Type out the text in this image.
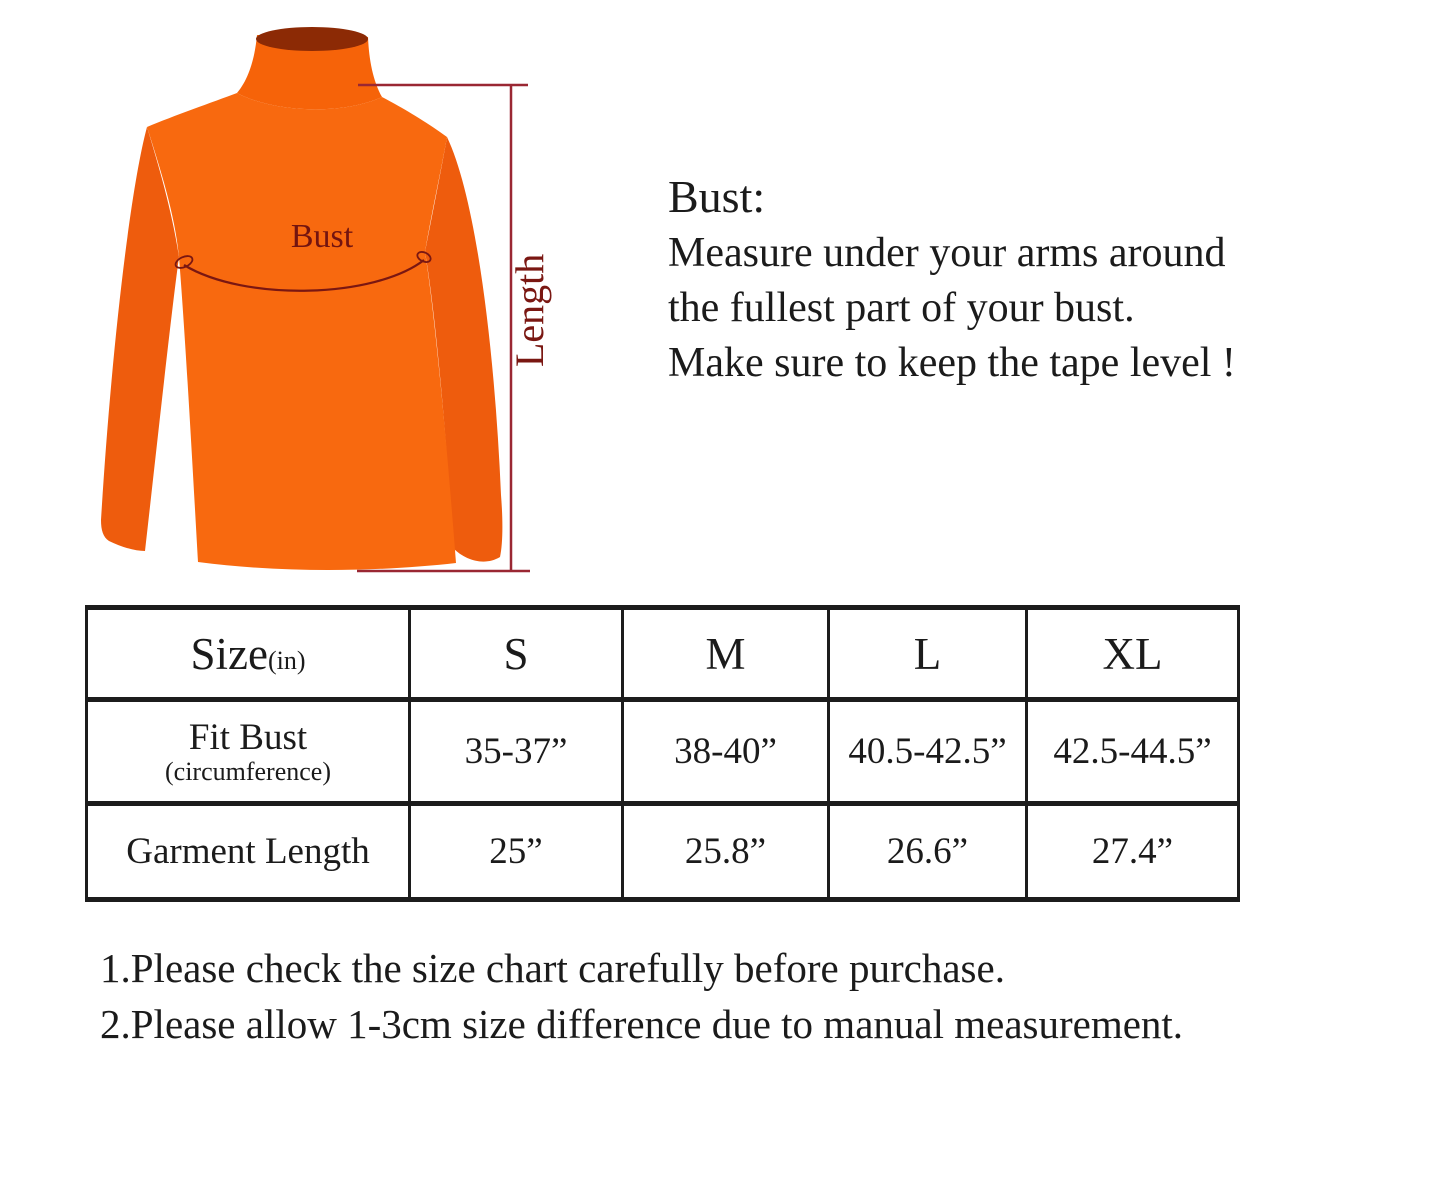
Bust
Length
Bust:
Measure under your arms around
the fullest part of your bust.
Make sure to keep the tape level !
Size(in)	S	M	L	XL

Fit Bust
(circumference)	35-37”	38-40”	40.5-42.5”	42.5-44.5”
Garment Length	25”	25.8”	26.6”	27.4”
1.Please check the size chart carefully before purchase.
2.Please allow 1-3cm size difference due to manual measurement.
